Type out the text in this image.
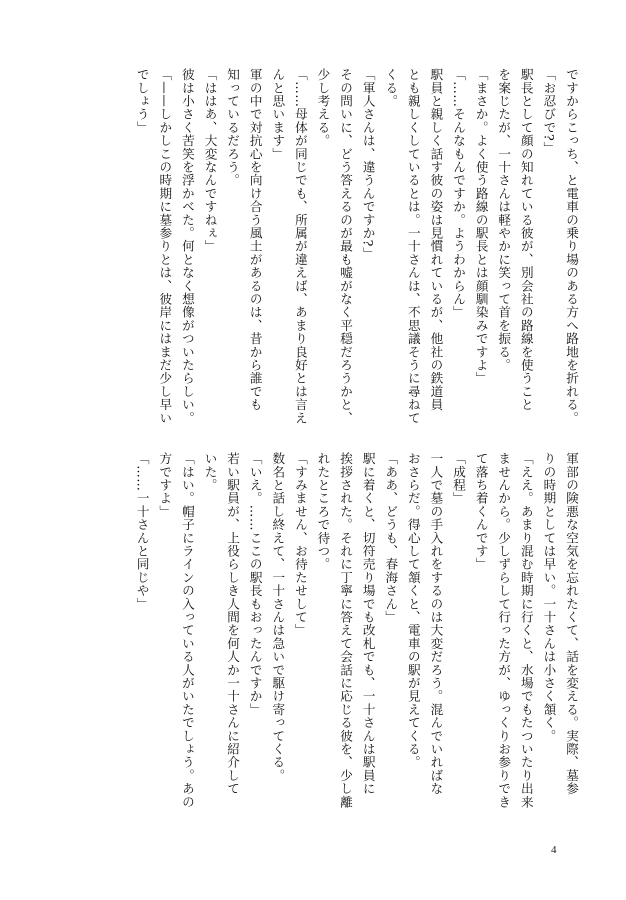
ですからこっち、と電車の乗り場のある方へ路地を折れる。
「お忍びで?」
駅長として顔の知れている彼が、別会社の路線を使うこと
を案じたが、一十さんは軽やかに笑って首を振る。
「まさか。よく使う路線の駅長とは顔馴染みですよ」
「……そんなもんですか。ようわからん」
駅員と親しく話す彼の姿は見慣れているが、他社の鉄道員
とも親しくしているとは。一十さんは、不思議そうに尋ねて
くる。
「軍人さんは、違うんですか?」
その問いに、どう答えるのが最も嘘がなく平穏だろうかと、
少し考える。
「……母体が同じでも、所属が違えば、あまり良好とは言え
んと思います」
軍の中で対抗心を向け合う風土があるのは、昔から誰でも
知っているだろう。
「ははあ、大変なんですねぇ」
彼は小さく苦笑を浮かべた。何となく想像がついたらしい。
「——しかしこの時期に墓参りとは、彼岸にはまだ少し早い
でしょう」
軍部の険悪な空気を忘れたくて、話を変える。実際、墓参
りの時期としては早い。一十さんは小さく頷く。
「ええ。あまり混む時期に行くと、水場でもたついたり出来
ませんから。少しずらして行った方が、ゆっくりお参りでき
て落ち着くんです」
「成程」
一人で墓の手入れをするのは大変だろう。混んでいればな
おさらだ。得心して頷くと、電車の駅が見えてくる。
「ああ、どうも、春海さん」
駅に着くと、切符売り場でも改札でも、一十さんは駅員に
挨拶された。それに丁寧に答えて会話に応じる彼を、少し離
れたところで待つ。
「すみません、お待たせして」
数名と話し終えて、一十さんは急いで駆け寄ってくる。
「いえ。……ここの駅長もおったんですか」
若い駅員が、上役らしき人間を何人か一十さんに紹介して
いた。
「はい。帽子にラインの入っている人がいたでしょう。あの
方ですよ」
「……一十さんと同じや」
4
